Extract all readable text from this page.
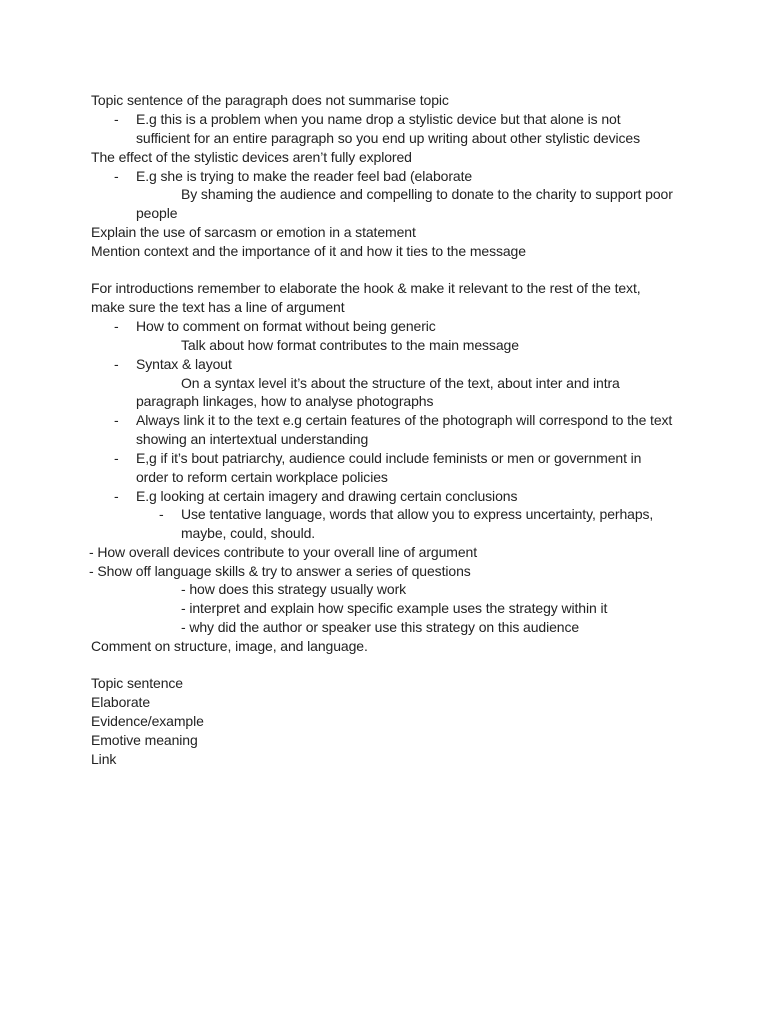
Topic sentence of the paragraph does not summarise topic
- E.g this is a problem when you name drop a stylistic device but that alone is not
sufficient for an entire paragraph so you end up writing about other stylistic devices
The effect of the stylistic devices aren’t fully explored
- E.g she is trying to make the reader feel bad (elaborate
By shaming the audience and compelling to donate to the charity to support poor
people
Explain the use of sarcasm or emotion in a statement
Mention context and the importance of it and how it ties to the message
For introductions remember to elaborate the hook & make it relevant to the rest of the text,
make sure the text has a line of argument
- How to comment on format without being generic
Talk about how format contributes to the main message
- Syntax & layout
On a syntax level it’s about the structure of the text, about inter and intra
paragraph linkages, how to analyse photographs
- Always link it to the text e.g certain features of the photograph will correspond to the text
showing an intertextual understanding
- E,g if it’s bout patriarchy, audience could include feminists or men or government in
order to reform certain workplace policies
- E.g looking at certain imagery and drawing certain conclusions
- Use tentative language, words that allow you to express uncertainty, perhaps,
maybe, could, should.
- How overall devices contribute to your overall line of argument
- Show off language skills & try to answer a series of questions
- how does this strategy usually work
- interpret and explain how specific example uses the strategy within it
- why did the author or speaker use this strategy on this audience
Comment on structure, image, and language.
Topic sentence
Elaborate
Evidence/example
Emotive meaning
Link
